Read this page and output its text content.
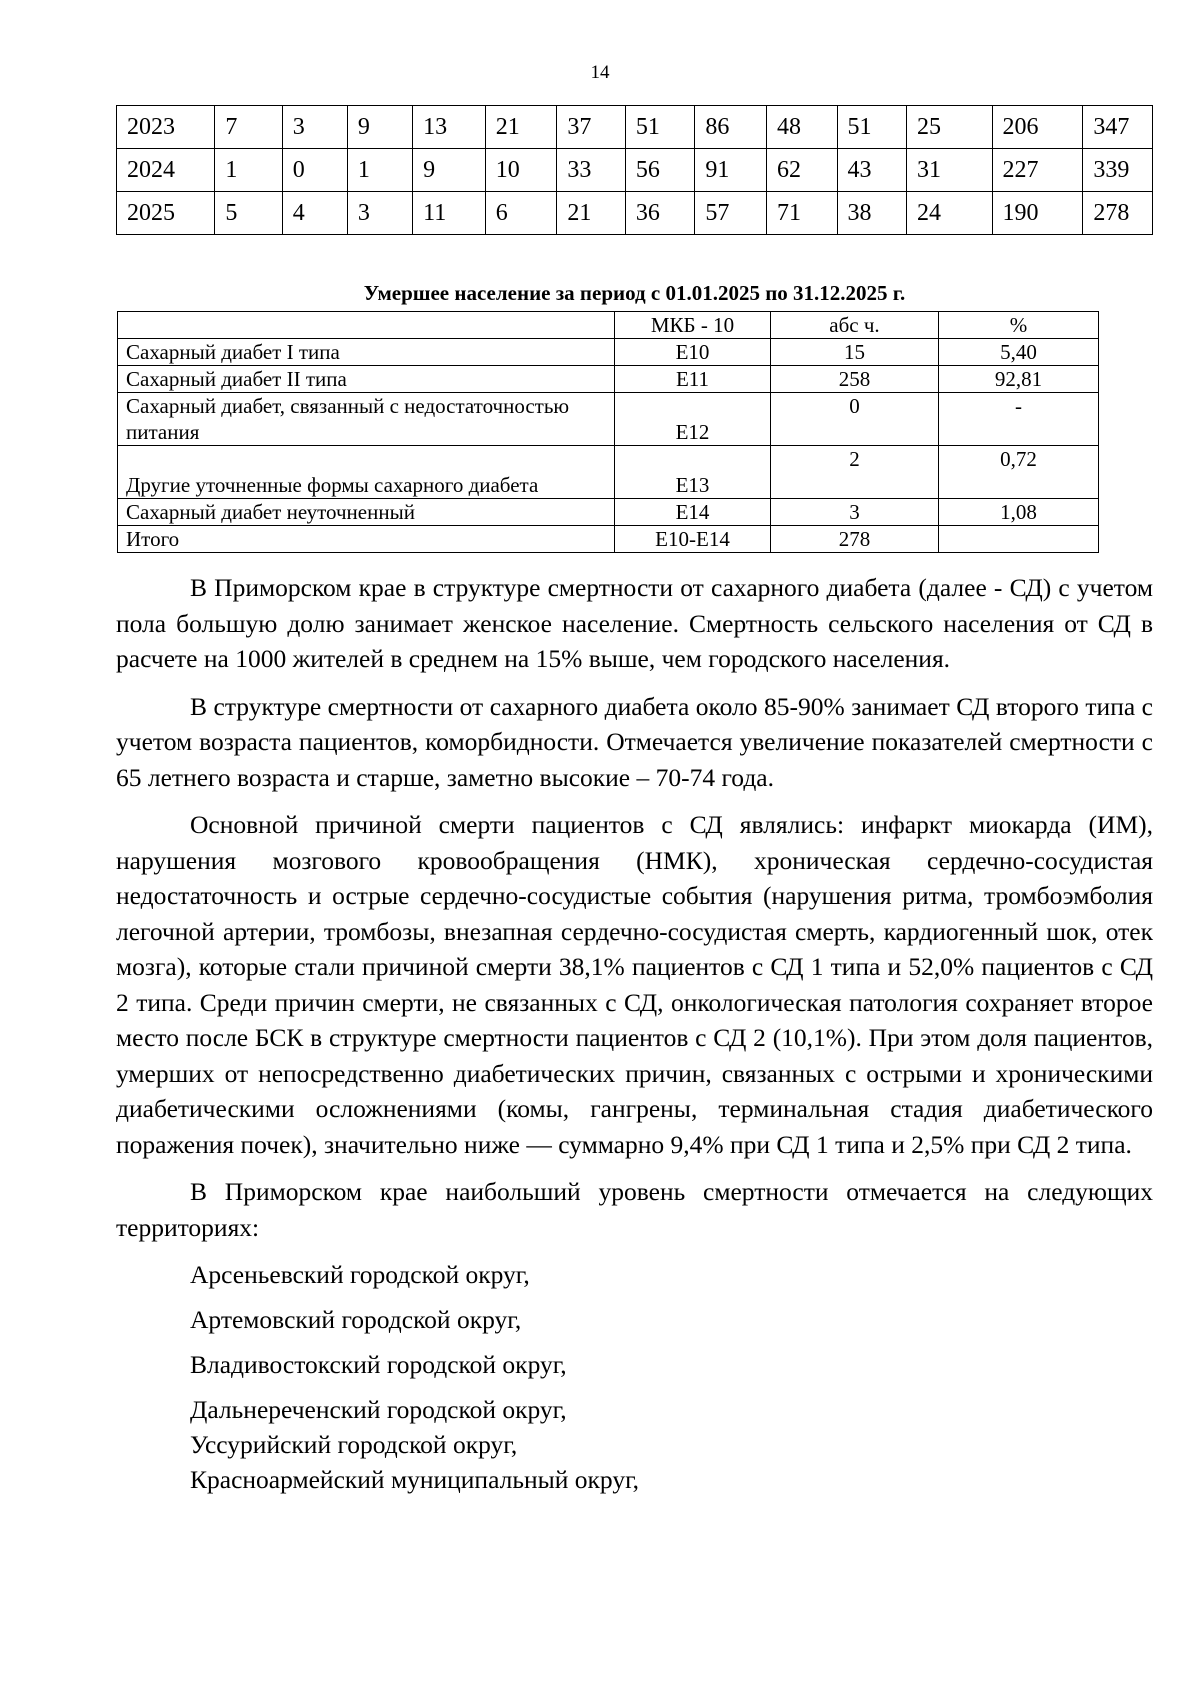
14
2023	7	3	9	13	21	37	51	86	48	51	25	206	347
2024	1	0	1	9	10	33	56	91	62	43	31	227	339
2025	5	4	3	11	6	21	36	57	71	38	24	190	278
Умершее население за период с 01.01.2025 по 31.12.2025 г.
	МКБ - 10	абс ч.	%
Сахарный диабет I типа	E10	15	5,40
Сахарный диабет II типа	E11	258	92,81
Сахарный диабет, связанный с недостаточностью питания	E12	0	-
Другие уточненные формы сахарного диабета	E13	2	0,72
Сахарный диабет неуточненный	E14	3	1,08
Итого	E10-E14	278	

В Приморском крае в структуре смертности от сахарного диабета (далее - СД) с учетом пола большую долю занимает женское население. Смертность сельского населения от СД в расчете на 1000 жителей в среднем на 15% выше, чем городского населения.

В структуре смертности от сахарного диабета около 85-90% занимает СД второго типа с учетом возраста пациентов, коморбидности. Отмечается увеличение показателей смертности с 65 летнего возраста и старше, заметно высокие – 70-74 года.

Основной причиной смерти пациентов с СД являлись: инфаркт миокарда (ИМ), нарушения мозгового кровообращения (НМК), хроническая сердечно-сосудистая недостаточность и острые сердечно-сосудистые события (нарушения ритма, тромбоэмболия легочной артерии, тромбозы, внезапная сердечно-сосудистая смерть, кардиогенный шок, отек мозга), которые стали причиной смерти 38,1% пациентов с СД 1 типа и 52,0% пациентов с СД 2 типа. Среди причин смерти, не связанных с СД, онкологическая патология сохраняет второе место после БСК в структуре смертности пациентов с СД 2 (10,1%). При этом доля пациентов, умерших от непосредственно диабетических причин, связанных с острыми и хроническими диабетическими осложнениями (комы, гангрены, терминальная стадия диабетического поражения почек), значительно ниже — суммарно 9,4% при СД 1 типа и 2,5% при СД 2 типа.

В Приморском крае наибольший уровень смертности отмечается на следующих территориях:

Арсеньевский городской округ,
Артемовский городской округ,
Владивостокский городской округ,
Дальнереченский городской округ,
Уссурийский городской округ,
Красноармейский муниципальный округ,
